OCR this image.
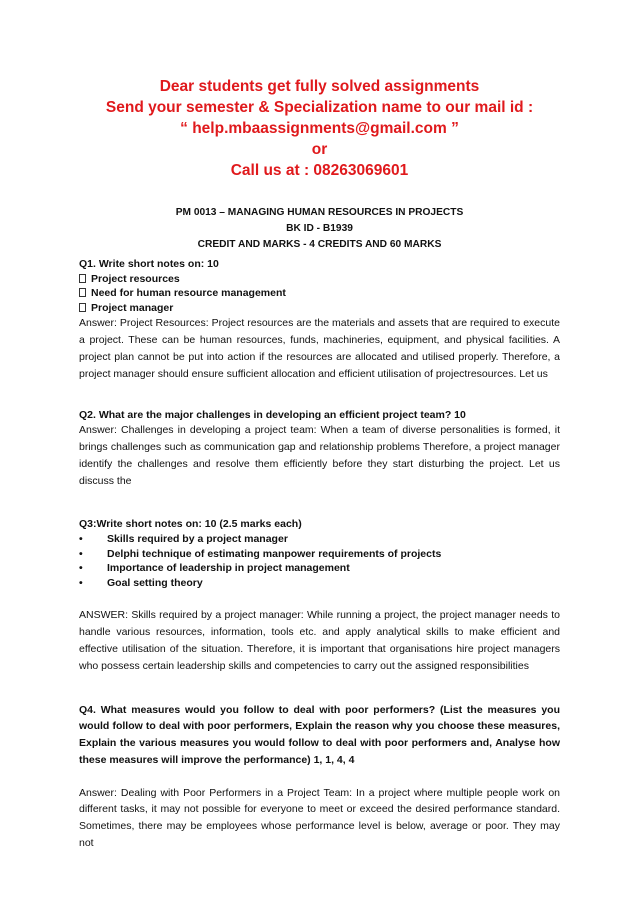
Dear students get fully solved assignments
Send your semester & Specialization name to our mail id :
“ help.mbaassignments@gmail.com ”
or
Call us at : 08263069601
PM 0013 – MANAGING HUMAN RESOURCES IN PROJECTS
BK ID - B1939
CREDIT AND MARKS - 4 CREDITS AND 60 MARKS
Q1. Write short notes on: 10
Project resources
Need for human resource management
Project manager

Answer: Project Resources: Project resources are the materials and assets that are required to execute a project. These can be human resources, funds, machineries, equipment, and physical facilities. A project plan cannot be put into action if the resources are allocated and utilised properly. Therefore, a project manager should ensure sufficient allocation and efficient utilisation of projectresources. Let us

Q2. What are the major challenges in developing an efficient project team? 10

Answer: Challenges in developing a project team: When a team of diverse personalities is formed, it brings challenges such as communication gap and relationship problems Therefore, a project manager identify the challenges and resolve them efficiently before they start disturbing the project. Let us discuss the

Q3:Write short notes on: 10 (2.5 marks each)
• Skills required by a project manager
• Delphi technique of estimating manpower requirements of projects
• Importance of leadership in project management
• Goal setting theory

ANSWER: Skills required by a project manager: While running a project, the project manager needs to handle various resources, information, tools etc. and apply analytical skills to make efficient and effective utilisation of the situation. Therefore, it is important that organisations hire project managers who possess certain leadership skills and competencies to carry out the assigned responsibilities

Q4. What measures would you follow to deal with poor performers? (List the measures you would follow to deal with poor performers, Explain the reason why you choose these measures, Explain the various measures you would follow to deal with poor performers and, Analyse how these measures will improve the performance) 1, 1, 4, 4

Answer: Dealing with Poor Performers in a Project Team: In a project where multiple people work on different tasks, it may not possible for everyone to meet or exceed the desired performance standard. Sometimes, there may be employees whose performance level is below, average or poor. They may not
